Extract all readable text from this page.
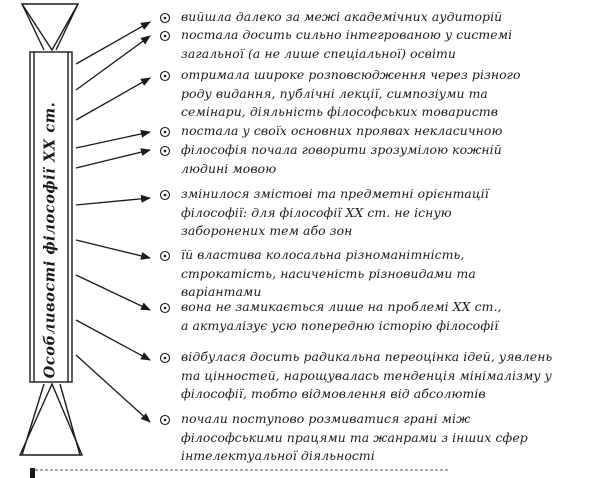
Особливості філософії ХХ ст.
вийшла далеко за межі академічних аудиторій
постала досить сильно інтегрованою у системі
загальної (а не лише спеціальної) освіти
отримала широке розповсюдження через різного
роду видання, публічні лекції, симпозіуми та
семінари, діяльність філософських товариств
постала у своїх основних проявах некласичною
філософія почала говорити зрозумілою кожній
людині мовою
змінилося змістові та предметні орієнтації
філософії: для філософії ХХ ст. не існую
заборонених тем або зон
їй властива колосальна різноманітність,
строкатість, насиченість різновидами та
варіантами
вона не замикається лише на проблемі ХХ ст.,
а актуалізує усю попередню історію філософії
відбулася досить радикальна переоцінка ідей, уявлень
та цінностей, нарощувалась тенденція мінімалізму у
філософії, тобто відмовлення від абсолютів
почали поступово розмиватися грані між
філософськими працями та жанрами з інших сфер
інтелектуальної діяльності
